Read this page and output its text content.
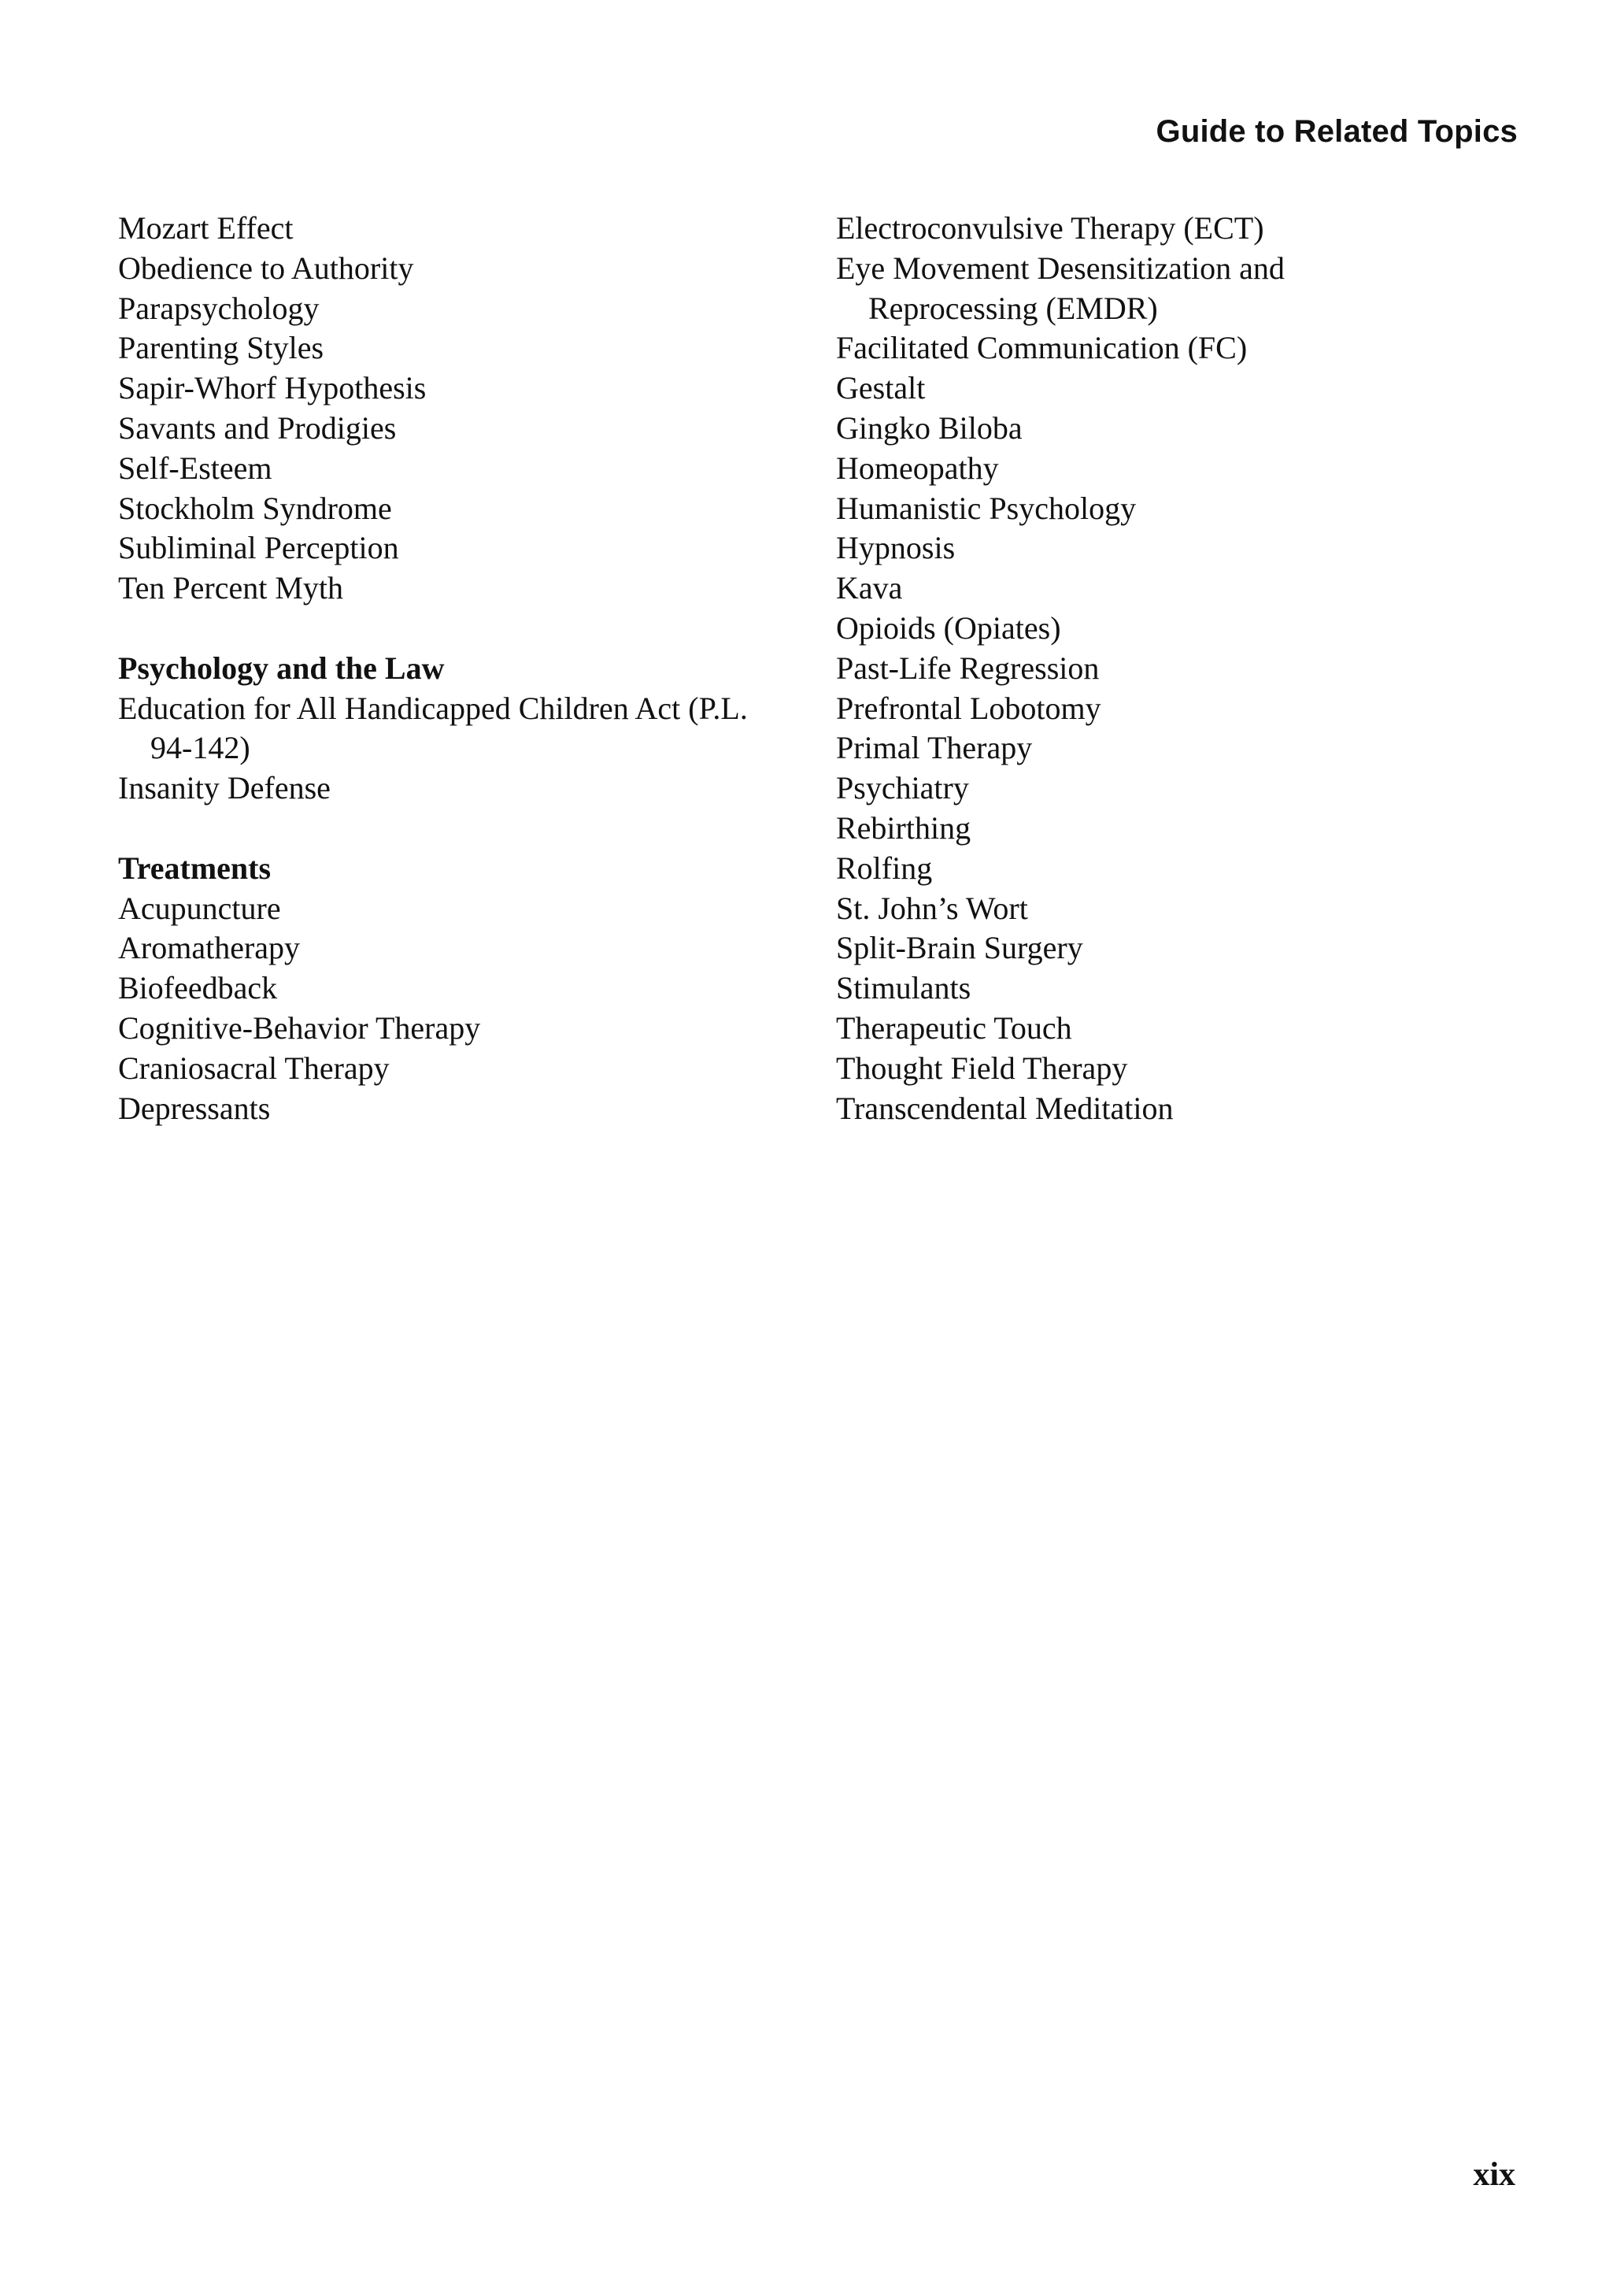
Guide to Related Topics
Mozart Effect
Obedience to Authority
Parapsychology
Parenting Styles
Sapir-Whorf Hypothesis
Savants and Prodigies
Self-Esteem
Stockholm Syndrome
Subliminal Perception
Ten Percent Myth
Psychology and the Law
Education for All Handicapped Children Act (P.L. 94-142)
Insanity Defense
Treatments
Acupuncture
Aromatherapy
Biofeedback
Cognitive-Behavior Therapy
Craniosacral Therapy
Depressants
Electroconvulsive Therapy (ECT)
Eye Movement Desensitization and Reprocessing (EMDR)
Facilitated Communication (FC)
Gestalt
Gingko Biloba
Homeopathy
Humanistic Psychology
Hypnosis
Kava
Opioids (Opiates)
Past-Life Regression
Prefrontal Lobotomy
Primal Therapy
Psychiatry
Rebirthing
Rolfing
St. John’s Wort
Split-Brain Surgery
Stimulants
Therapeutic Touch
Thought Field Therapy
Transcendental Meditation

xix
